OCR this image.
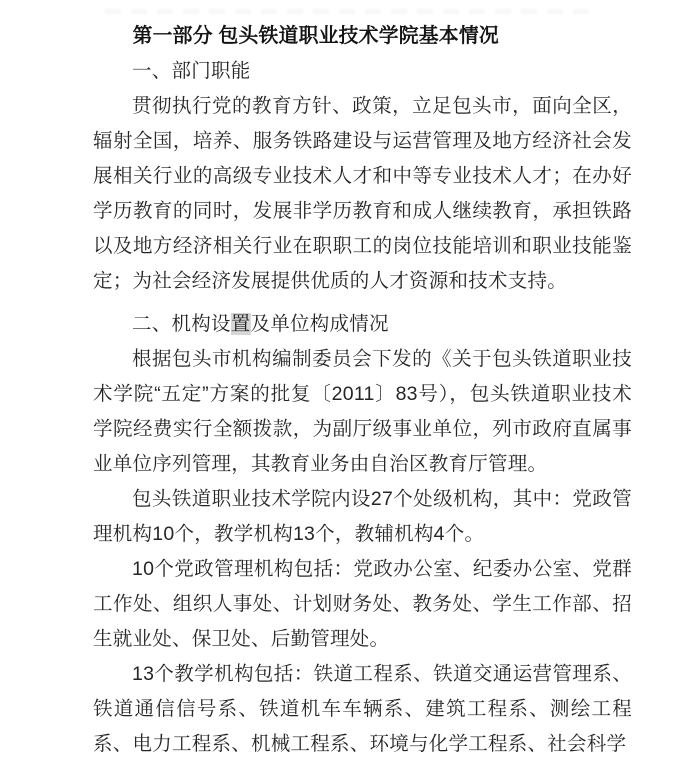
第一部分 包头铁道职业技术学院基本情况
一、部门职能

贯彻执行党的教育方针、政策，立足包头市，面向全区，辐射全国，培养、服务铁路建设与运营管理及地方经济社会发展相关行业的高级专业技术人才和中等专业技术人才；在办好学历教育的同时，发展非学历教育和成人继续教育，承担铁路以及地方经济相关行业在职职工的岗位技能培训和职业技能鉴定；为社会经济发展提供优质的人才资源和技术支持。

二、机构设置及单位构成情况

根据包头市机构编制委员会下发的《关于包头铁道职业技术学院“五定”方案的批复〔2011〕83号），包头铁道职业技术学院经费实行全额拨款，为副厅级事业单位，列市政府直属事业单位序列管理，其教育业务由自治区教育厅管理。

包头铁道职业技术学院内设27个处级机构，其中：党政管理机构10个，教学机构13个，教辅机构4个。

10个党政管理机构包括：党政办公室、纪委办公室、党群工作处、组织人事处、计划财务处、教务处、学生工作部、招生就业处、保卫处、后勤管理处。

13个教学机构包括：铁道工程系、铁道交通运营管理系、铁道通信信号系、铁道机车车辆系、建筑工程系、测绘工程系、电力工程系、机械工程系、环境与化学工程系、社会科学
